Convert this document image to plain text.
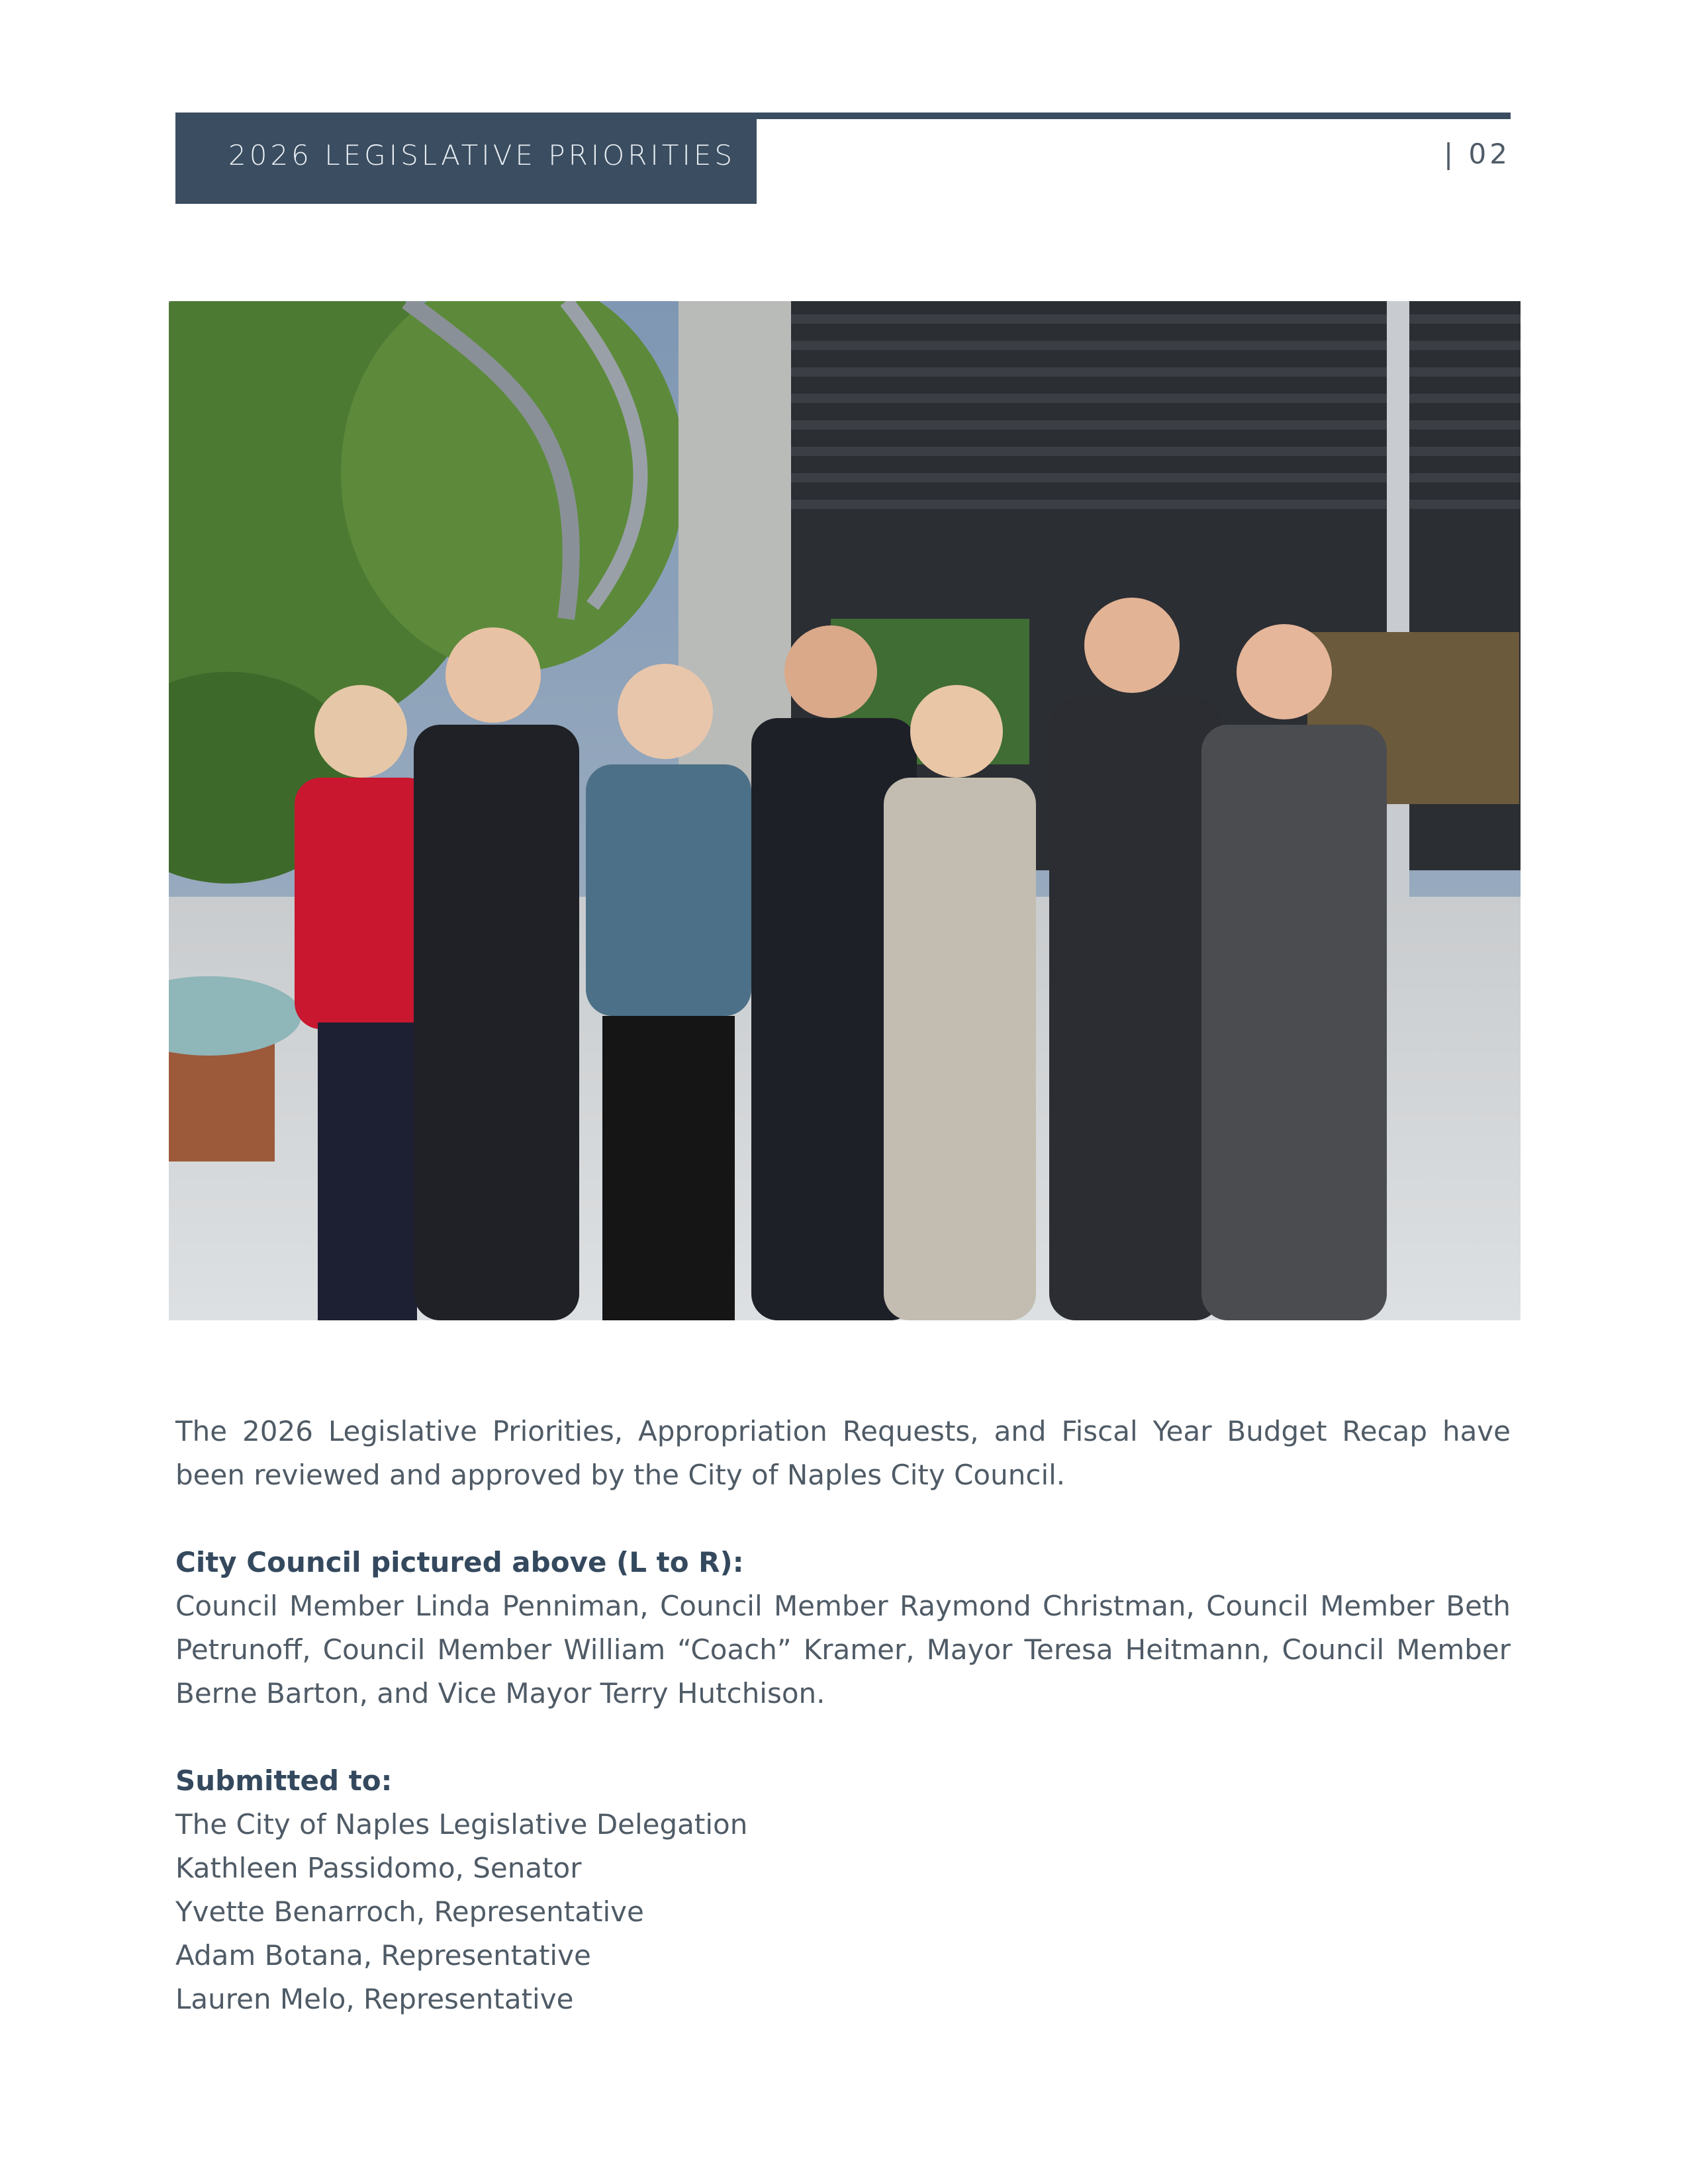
2026 LEGISLATIVE PRIORITIES	| 02

The 2026 Legislative Priorities, Appropriation Requests, and Fiscal Year Budget Recap have been reviewed and approved by the City of Naples City Council.

City Council pictured above (L to R):

Council Member Linda Penniman, Council Member Raymond Christman, Council Member Beth Petrunoff, Council Member William “Coach” Kramer, Mayor Teresa Heitmann, Council Member Berne Barton, and Vice Mayor Terry Hutchison.

Submitted to:

The City of Naples Legislative Delegation
Kathleen Passidomo, Senator
Yvette Benarroch, Representative
Adam Botana, Representative
Lauren Melo, Representative
